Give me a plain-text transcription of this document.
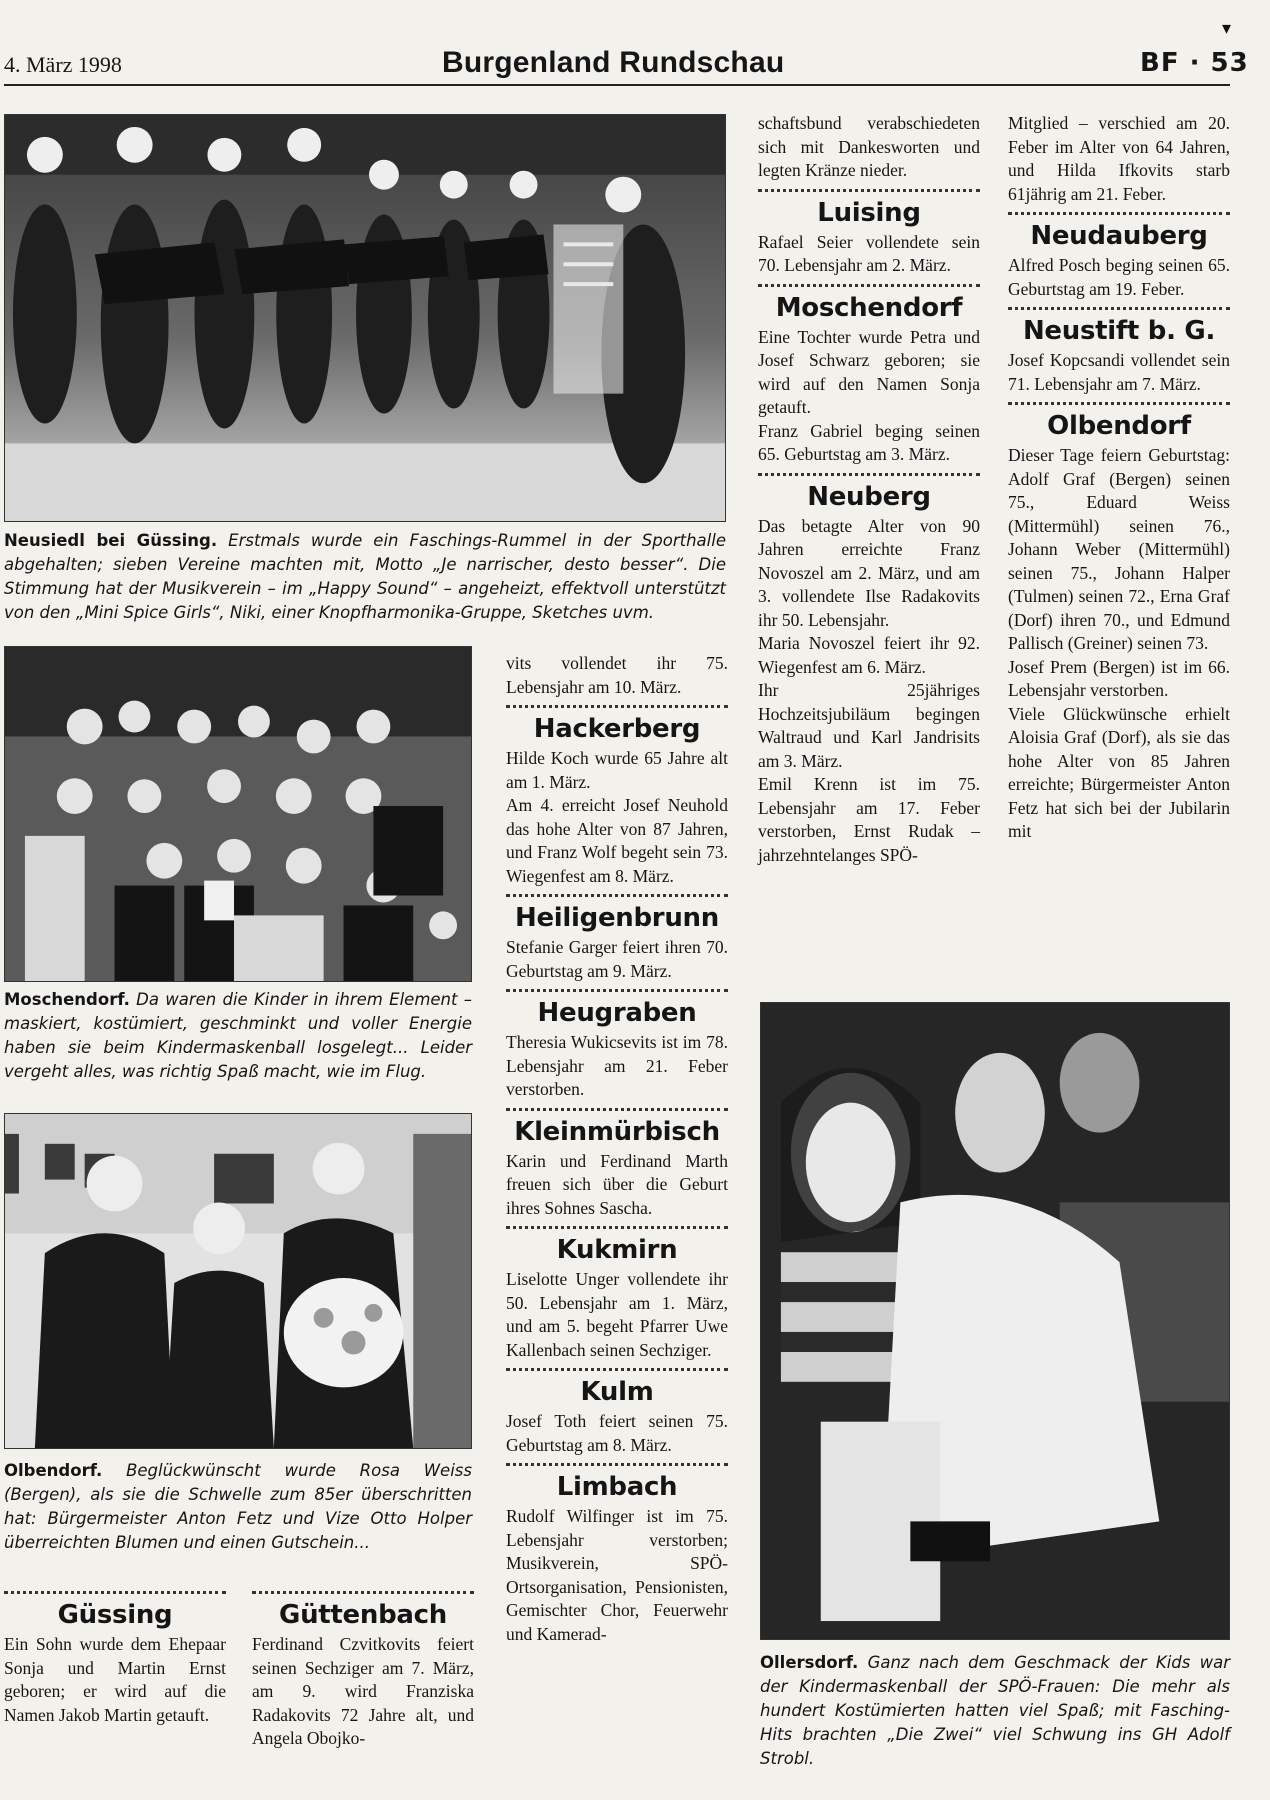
4. März 1998	Burgenland Rundschau	BF · 53
▾
Neusiedl bei Güssing. Erstmals wurde ein Faschings-Rummel in der Sporthalle abgehalten; sieben Vereine machten mit, Motto „Je narrischer, desto besser“. Die Stimmung hat der Musikverein – im „Happy Sound“ – angeheizt, effektvoll unterstützt von den „Mini Spice Girls“, Niki, einer Knopfharmonika-Gruppe, Sketches uvm.
Moschendorf. Da waren die Kinder in ihrem Element – maskiert, kostümiert, geschminkt und voller Energie haben sie beim Kindermaskenball losgelegt... Leider vergeht alles, was richtig Spaß macht, wie im Flug.
Olbendorf. Beglückwünscht wurde Rosa Weiss (Bergen), als sie die Schwelle zum 85er überschritten hat: Bürgermeister Anton Fetz und Vize Otto Holper überreichten Blumen und einen Gutschein...
Ollersdorf. Ganz nach dem Geschmack der Kids war der Kindermaskenball der SPÖ-Frauen: Die mehr als hundert Kostümierten hatten viel Spaß; mit Fasching-Hits brachten „Die Zwei“ viel Schwung ins GH Adolf Strobl.
Güssing

Ein Sohn wurde dem Ehepaar Sonja und Martin Ernst geboren; er wird auf die Namen Jakob Martin getauft.

Güttenbach

Ferdinand Czvitkovits feiert seinen Sechziger am 7. März, am 9. wird Franziska Radakovits 72 Jahre alt, und Angela Obojko-

vits vollendet ihr 75. Lebensjahr am 10. März.

Hackerberg

Hilde Koch wurde 65 Jahre alt am 1. März.

Am 4. erreicht Josef Neuhold das hohe Alter von 87 Jahren, und Franz Wolf begeht sein 73. Wiegenfest am 8. März.

Heiligenbrunn

Stefanie Garger feiert ihren 70. Geburtstag am 9. März.

Heugraben

Theresia Wukicsevits ist im 78. Lebensjahr am 21. Feber verstorben.

Kleinmürbisch

Karin und Ferdinand Marth freuen sich über die Geburt ihres Sohnes Sascha.

Kukmirn

Liselotte Unger vollendete ihr 50. Lebensjahr am 1. März, und am 5. begeht Pfarrer Uwe Kallenbach seinen Sechziger.

Kulm

Josef Toth feiert seinen 75. Geburtstag am 8. März.

Limbach

Rudolf Wilfinger ist im 75. Lebensjahr verstorben; Musikverein, SPÖ-Ortsorganisation, Pensionisten, Gemischter Chor, Feuerwehr und Kamerad-

schaftsbund verabschiedeten sich mit Dankesworten und legten Kränze nieder.

Luising

Rafael Seier vollendete sein 70. Lebensjahr am 2. März.

Moschendorf

Eine Tochter wurde Petra und Josef Schwarz geboren; sie wird auf den Namen Sonja getauft.

Franz Gabriel beging seinen 65. Geburtstag am 3. März.

Neuberg

Das betagte Alter von 90 Jahren erreichte Franz Novoszel am 2. März, und am 3. vollendete Ilse Radakovits ihr 50. Lebensjahr.

Maria Novoszel feiert ihr 92. Wiegenfest am 6. März.

Ihr 25jähriges Hochzeitsjubiläum begingen Waltraud und Karl Jandrisits am 3. März.

Emil Krenn ist im 75. Lebensjahr am 17. Feber verstorben, Ernst Rudak – jahrzehntelanges SPÖ-

Mitglied – verschied am 20. Feber im Alter von 64 Jahren, und Hilda Ifkovits starb 61jährig am 21. Feber.

Neudauberg

Alfred Posch beging seinen 65. Geburtstag am 19. Feber.

Neustift b. G.

Josef Kopcsandi vollendet sein 71. Lebensjahr am 7. März.

Olbendorf

Dieser Tage feiern Geburtstag: Adolf Graf (Bergen) seinen 75., Eduard Weiss (Mittermühl) seinen 76., Johann Weber (Mittermühl) seinen 75., Johann Halper (Tulmen) seinen 72., Erna Graf (Dorf) ihren 70., und Edmund Pallisch (Greiner) seinen 73.

Josef Prem (Bergen) ist im 66. Lebensjahr verstorben.

Viele Glückwünsche erhielt Aloisia Graf (Dorf), als sie das hohe Alter von 85 Jahren erreichte; Bürgermeister Anton Fetz hat sich bei der Jubilarin mit
